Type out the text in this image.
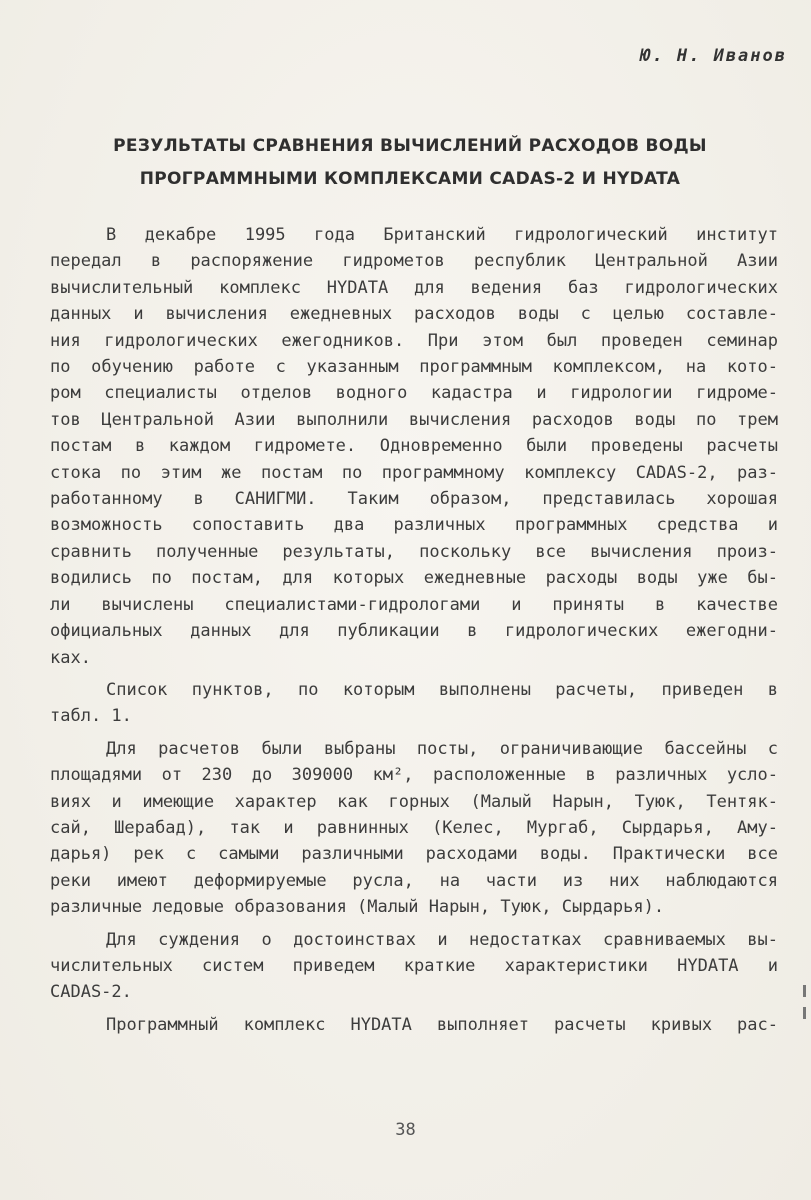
Ю. Н. Иванов
РЕЗУЛЬТАТЫ СРАВНЕНИЯ ВЫЧИСЛЕНИЙ РАСХОДОВ ВОДЫ
ПРОГРАММНЫМИ КОМПЛЕКСАМИ CADAS-2 И HYDATA
В декабре 1995 года Британский гидрологический институт
передал в распоряжение гидрометов республик Центральной Азии
вычислительный комплекс HYDATA для ведения баз гидрологических
данных и вычисления ежедневных расходов воды с целью составле-
ния гидрологических ежегодников. При этом был проведен семинар
по обучению работе с указанным программным комплексом, на кото-
ром специалисты отделов водного кадастра и гидрологии гидроме-
тов Центральной Азии выполнили вычисления расходов воды по трем
постам в каждом гидромете. Одновременно были проведены расчеты
стока по этим же постам по программному комплексу CADAS-2, раз-
работанному в САНИГМИ. Таким образом, представилась хорошая
возможность сопоставить два различных программных средства и
сравнить полученные результаты, поскольку все вычисления произ-
водились по постам, для которых ежедневные расходы воды уже бы-
ли вычислены специалистами-гидрологами и приняты в качестве
официальных данных для публикации в гидрологических ежегодни-
ках.
Список пунктов, по которым выполнены расчеты, приведен в
табл. 1.
Для расчетов были выбраны посты, ограничивающие бассейны с
площадями от 230 до 309000 км², расположенные в различных усло-
виях и имеющие характер как горных (Малый Нарын, Туюк, Тентяк-
сай, Шерабад), так и равнинных (Келес, Мургаб, Сырдарья, Аму-
дарья) рек с самыми различными расходами воды. Практически все
реки имеют деформируемые русла, на части из них наблюдаются
различные ледовые образования (Малый Нарын, Туюк, Сырдарья).
Для суждения о достоинствах и недостатках сравниваемых вы-
числительных систем приведем краткие характеристики HYDATA и
CADAS-2.
Программный комплекс HYDATA выполняет расчеты кривых рас-
38
